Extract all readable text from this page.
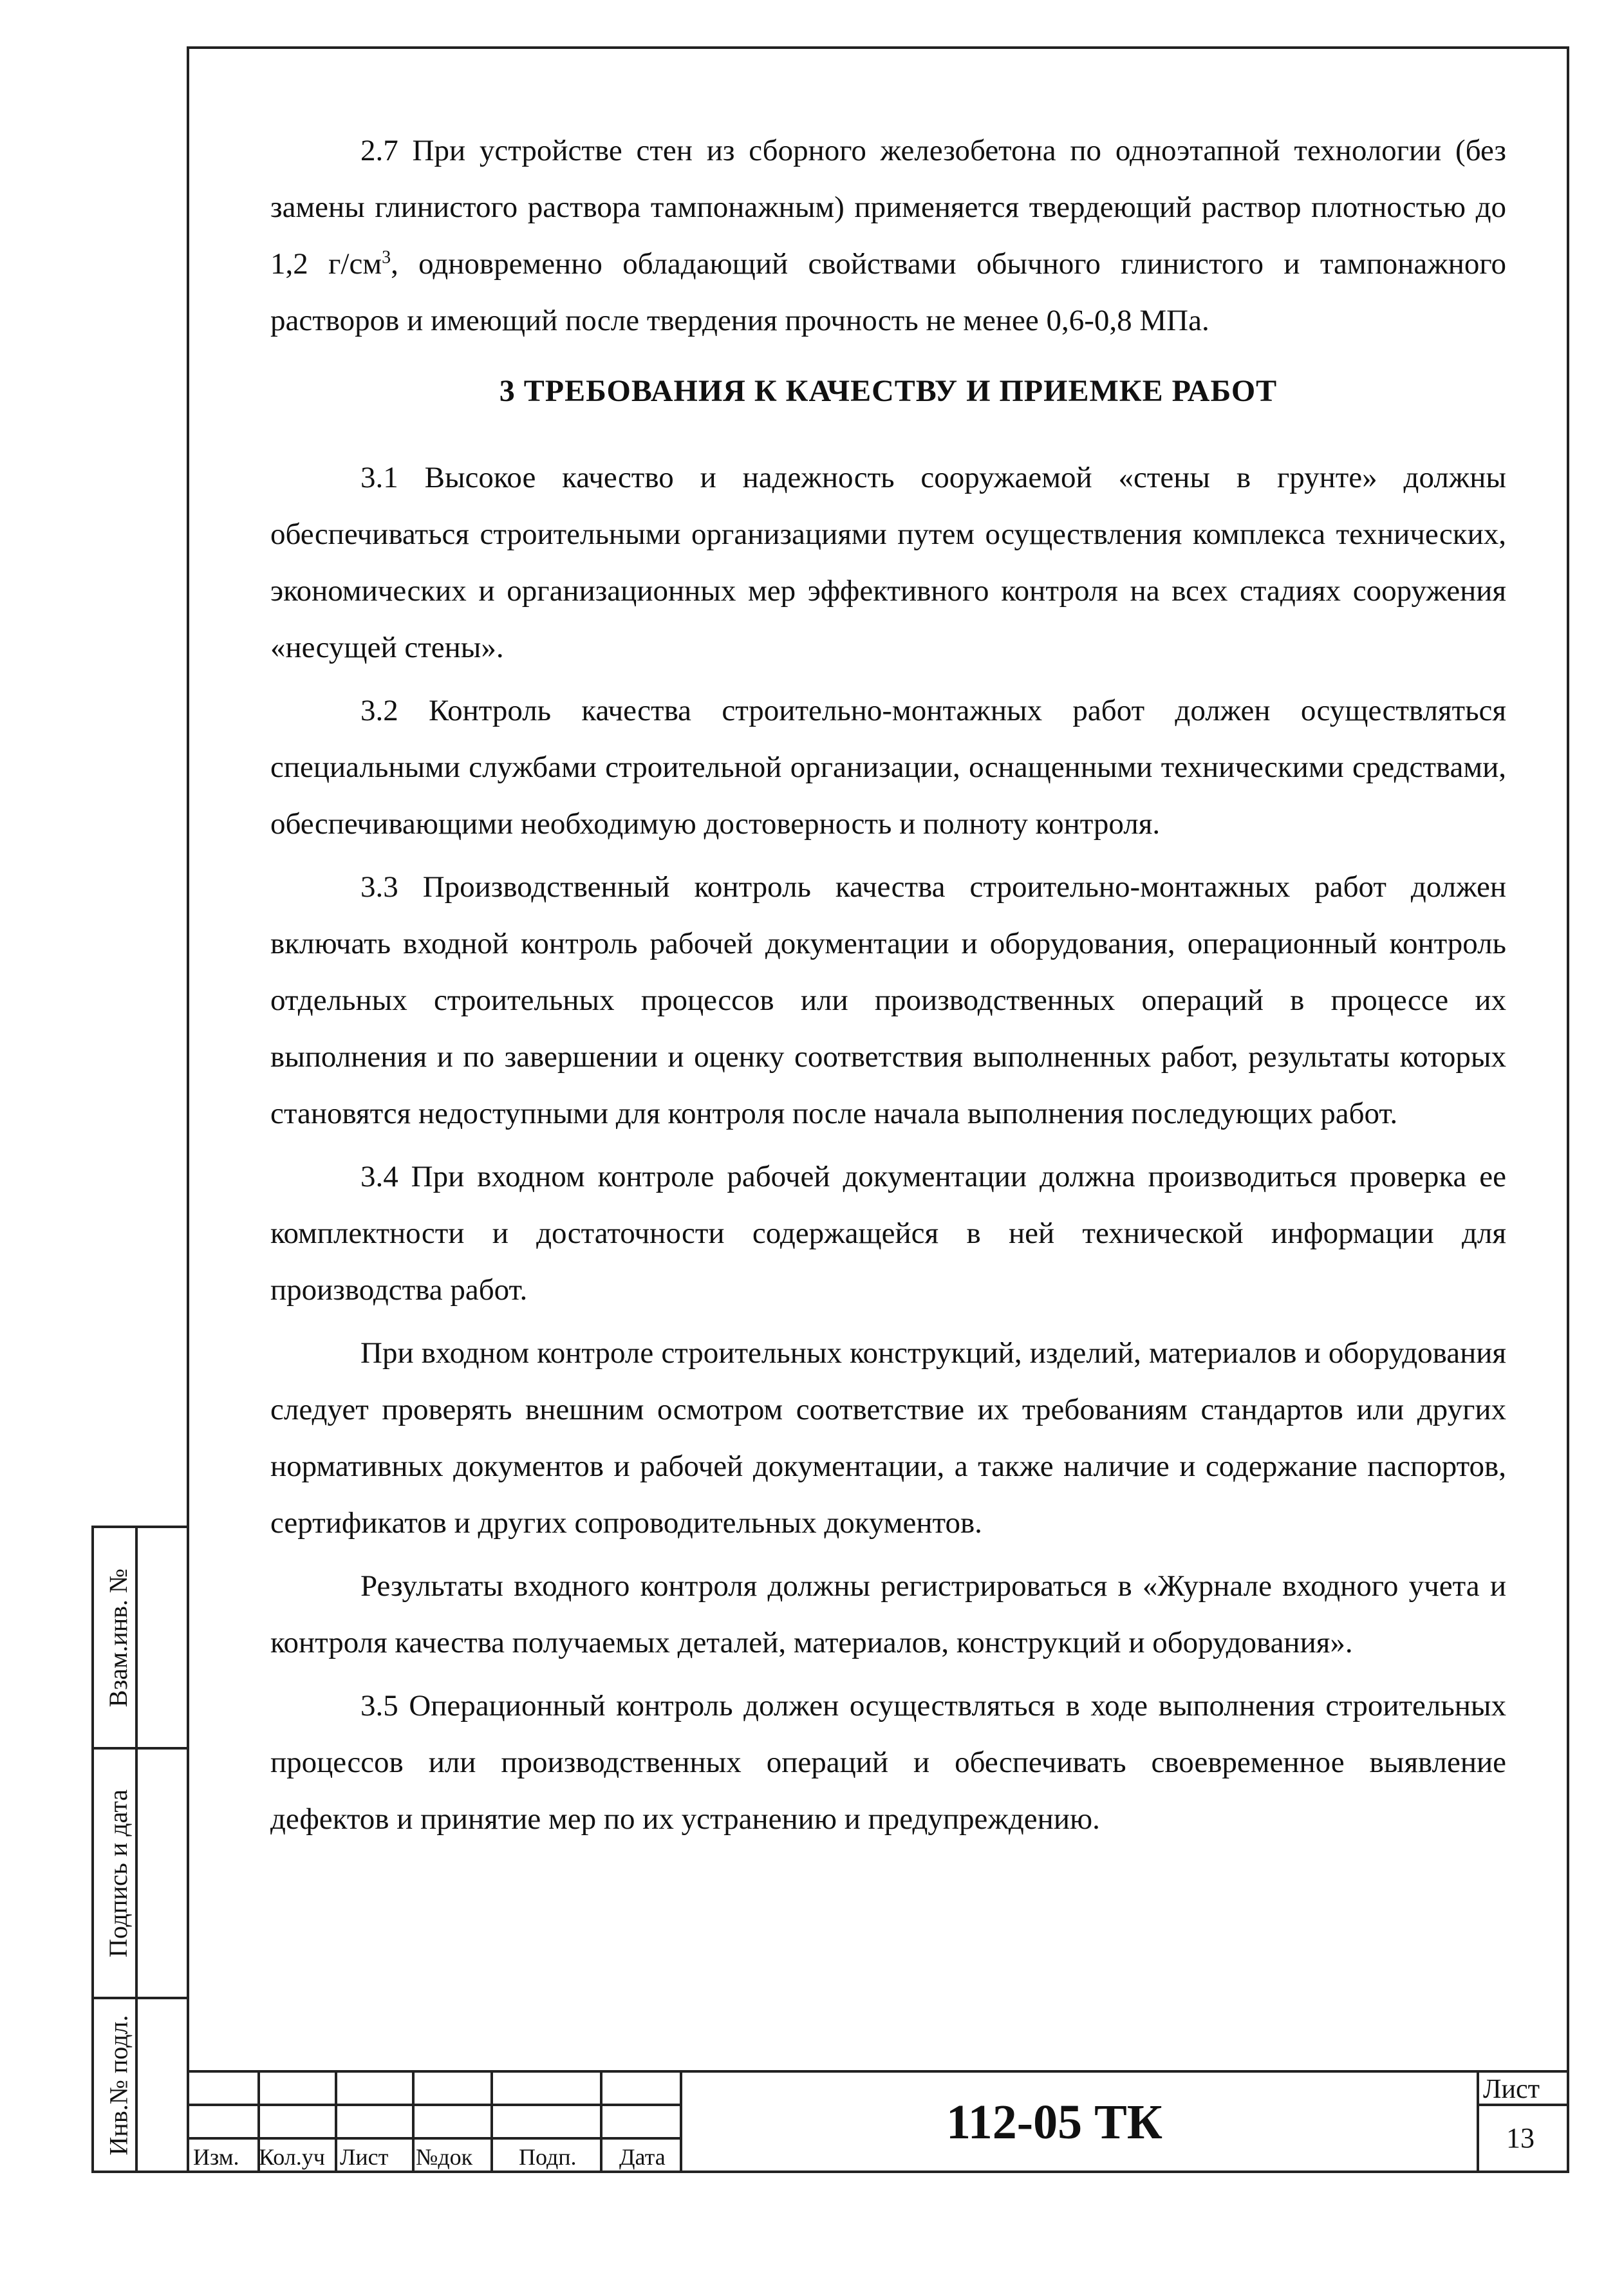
2.7 При устройстве стен из сборного железобетона по одноэтапной технологии (без замены глинистого раствора тампонажным) применяется твердеющий раствор плотностью до 1,2 $г/см^3$, одновременно обладающий свойствами обычного глинистого и тампонажного растворов и имеющий после твердения прочность не менее 0,6-0,8 МПа.

3 ТРЕБОВАНИЯ К КАЧЕСТВУ И ПРИЕМКЕ РАБОТ

3.1 Высокое качество и надежность сооружаемой «стены в грунте» должны обеспечиваться строительными организациями путем осуществления комплекса технических, экономических и организационных мер эффективного контроля на всех стадиях сооружения «несущей стены».

3.2 Контроль качества строительно-монтажных работ должен осуществляться специальными службами строительной организации, оснащенными техническими средствами, обеспечивающими необходимую достоверность и полноту контроля.

3.3 Производственный контроль качества строительно-монтажных работ должен включать входной контроль рабочей документации и оборудования, операционный контроль отдельных строительных процессов или производственных операций в процессе их выполнения и по завершении и оценку соответствия выполненных работ, результаты которых становятся недоступными для контроля после начала выполнения последующих работ.

3.4 При входном контроле рабочей документации должна производиться проверка ее комплектности и достаточности содержащейся в ней технической информации для производства работ.

При входном контроле строительных конструкций, изделий, материалов и оборудования следует проверять внешним осмотром соответствие их требованиям стандартов или других нормативных документов и рабочей документации, а также наличие и содержание паспортов, сертификатов и других сопроводительных документов.

Результаты входного контроля должны регистрироваться в «Журнале входного учета и контроля качества получаемых деталей, материалов, конструкций и оборудования».

3.5 Операционный контроль должен осуществляться в ходе выполнения строительных процессов или производственных операций и обеспечивать своевременное выявление дефектов и принятие мер по их устранению и предупреждению.

Взам.инв. №
Подпись и дата
Инв.№ подл.
Изм. Кол.уч Лист №док Подп. Дата
112-05 ТК
Лист
13
